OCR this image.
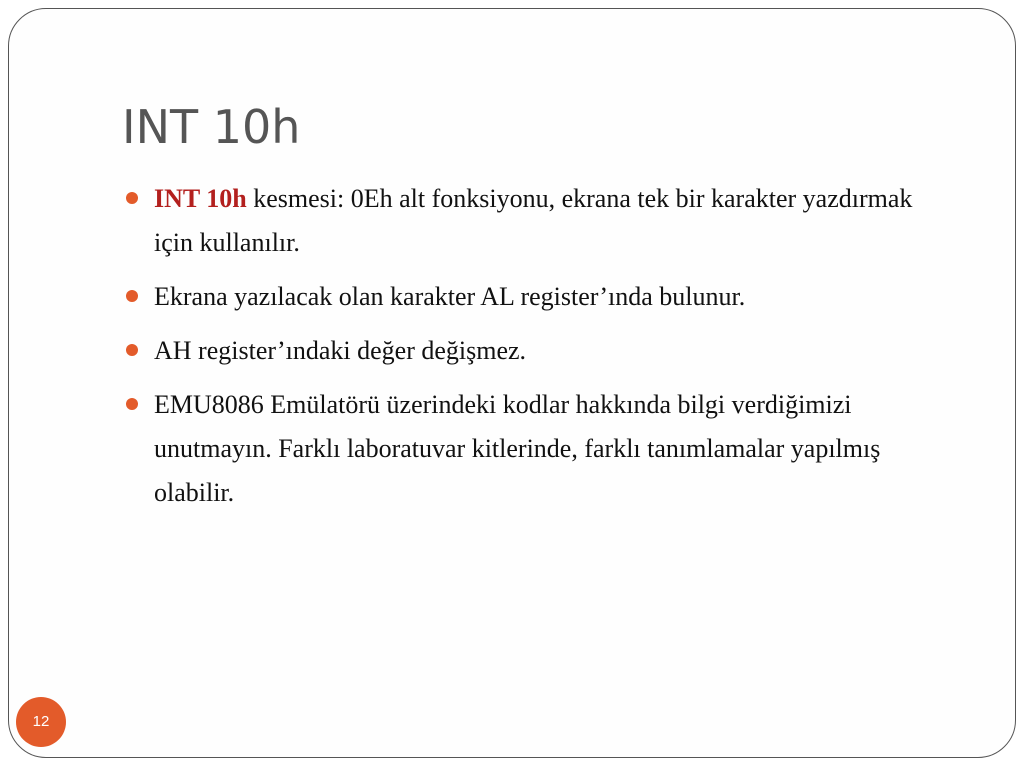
INT 10h
INT 10h kesmesi: 0Eh alt fonksiyonu, ekrana tek bir karakter yazdırmak için kullanılır.
Ekrana yazılacak olan karakter AL register’ında bulunur.
AH register’ındaki değer değişmez.
EMU8086 Emülatörü üzerindeki kodlar hakkında bilgi verdiğimizi unutmayın. Farklı laboratuvar kitlerinde, farklı tanımlamalar yapılmış olabilir.
12
